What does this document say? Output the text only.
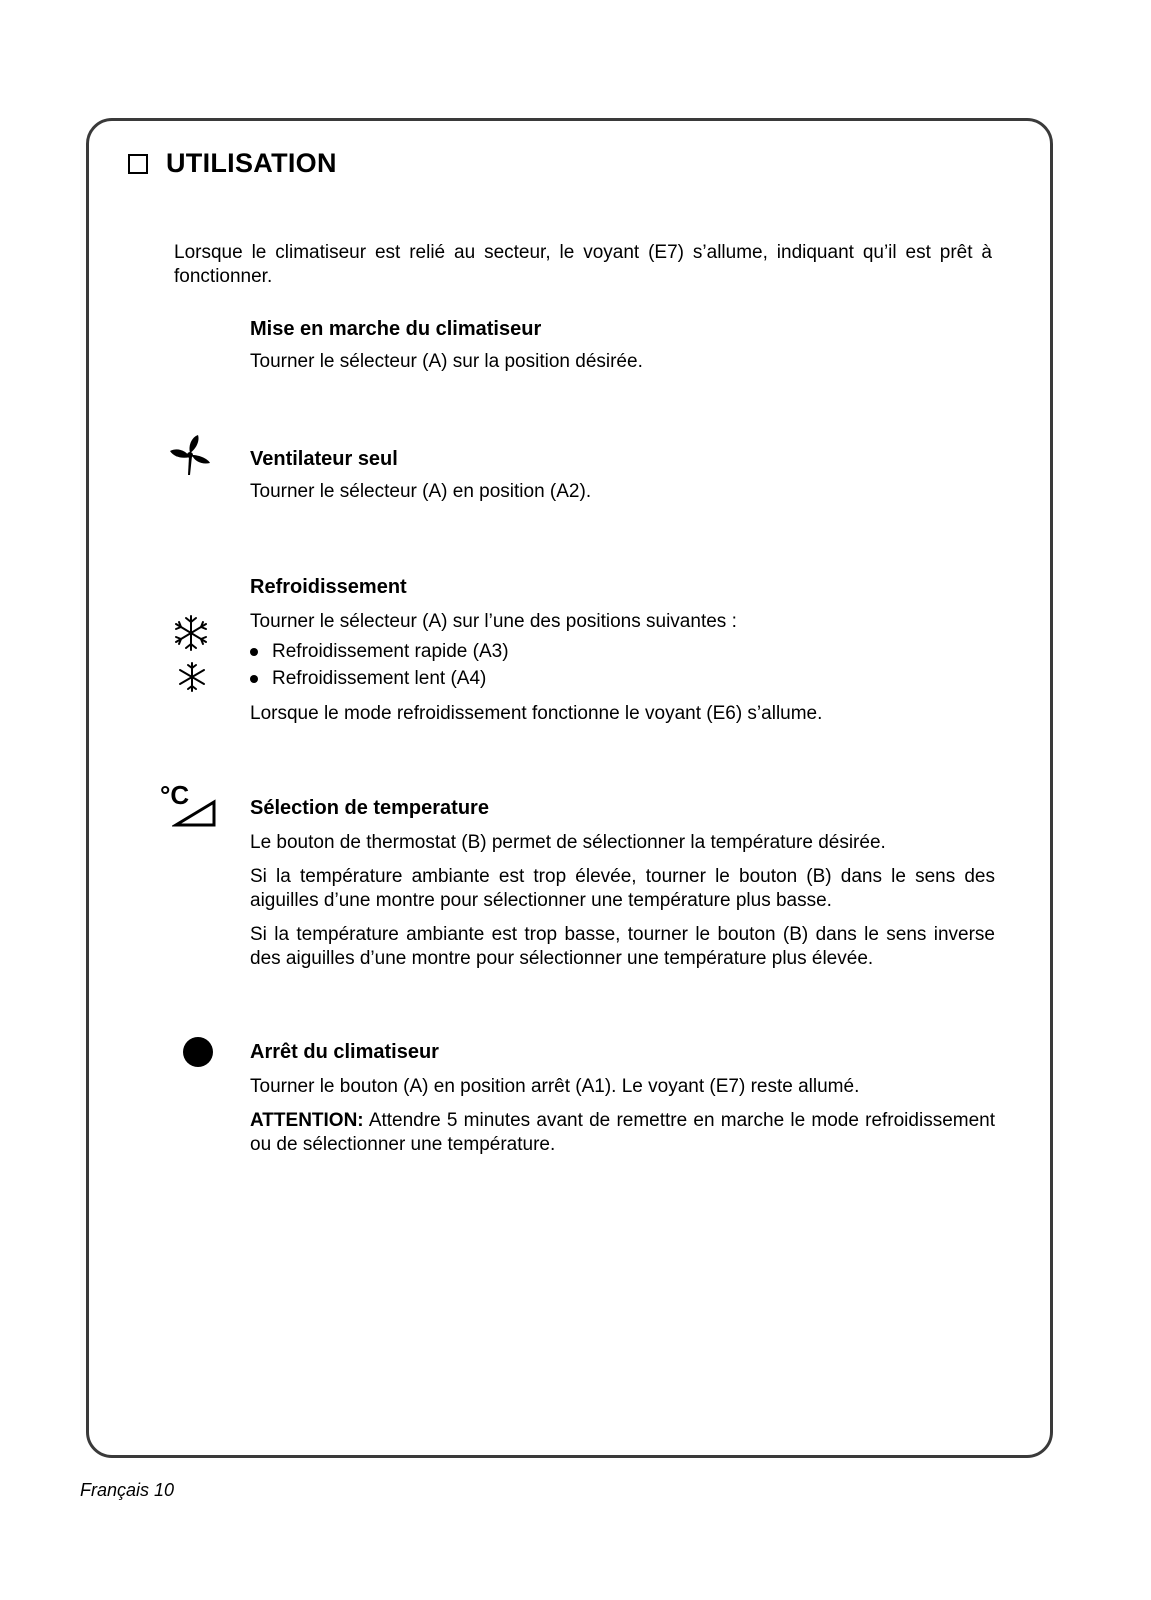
UTILISATION

Lorsque le climatiseur est relié au secteur, le voyant (E7) s’allume, indiquant qu’il est prêt à fonctionner.

Mise en marche du climatiseur

Tourner le sélecteur (A) sur la position désirée.

Ventilateur seul

Tourner le sélecteur (A) en position (A2).

Refroidissement

Tourner le sélecteur (A) sur l’une des positions suivantes :

Refroidissement rapide (A3)
Refroidissement lent (A4)

Lorsque le mode refroidissement fonctionne le voyant (E6) s’allume.

°C	Sélection de temperature

Le bouton de thermostat (B) permet de sélectionner la température désirée.

Si la température ambiante est trop élevée, tourner le bouton (B) dans le sens des aiguilles d’une montre pour sélectionner une température plus basse.

Si la température ambiante est trop basse, tourner le bouton (B) dans le sens inverse des aiguilles d’une montre pour sélectionner une température plus élevée.

Arrêt du climatiseur

Tourner le bouton (A) en position arrêt (A1). Le voyant (E7) reste allumé.

ATTENTION: Attendre 5 minutes avant de remettre en marche le mode refroidissement ou de sélectionner une température.

Français 10
